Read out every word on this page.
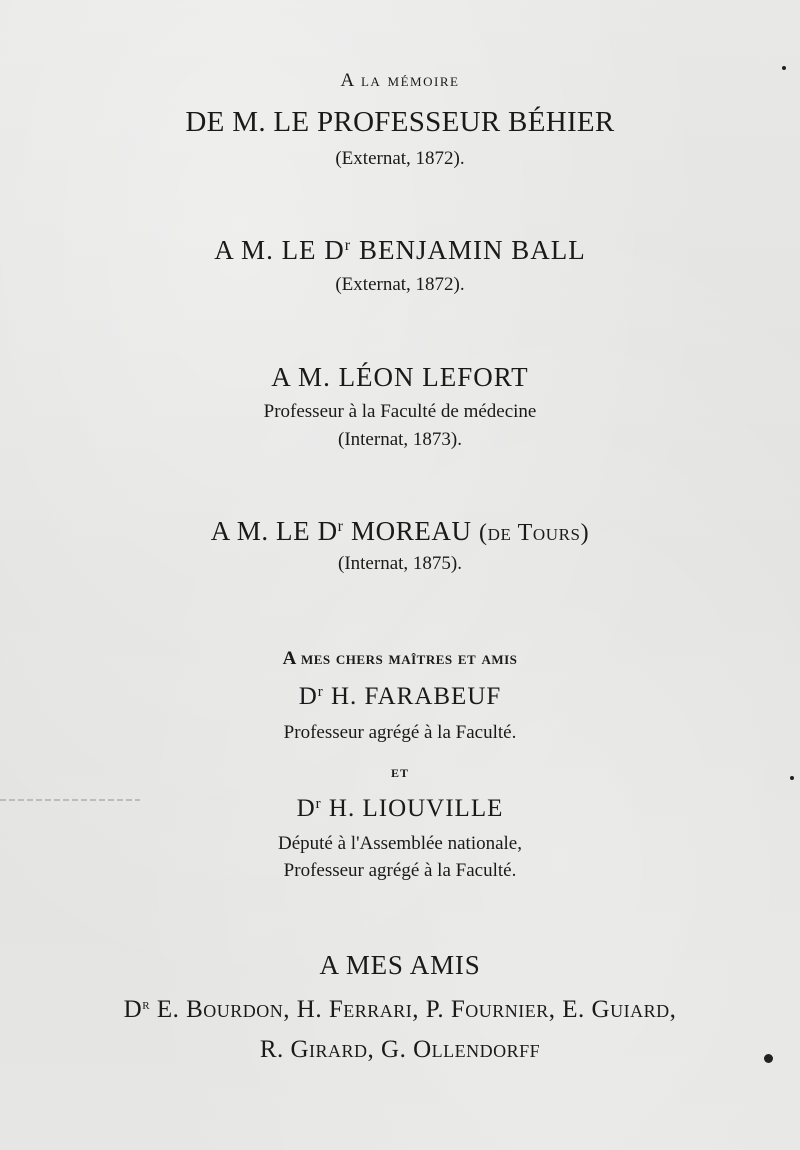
A la mémoire
DE M. LE PROFESSEUR BÉHIER
(Externat, 1872).
A M. LE $D^r$ BENJAMIN BALL
(Externat, 1872).
A M. LÉON LEFORT
Professeur à la Faculté de médecine
(Internat, 1873).
A M. LE $D^r$ MOREAU (de Tours)
(Internat, 1875).
A mes chers maîtres et amis
$D^r$ H. FARABEUF
Professeur agrégé à la Faculté.
et
$D^r$ H. LIOUVILLE
Député à l'Assemblée nationale,
Professeur agrégé à la Faculté.
A MES AMIS
$D^r$ E. Bourdon, H. Ferrari, P. Fournier, E. Guiard,
R. Girard, G. Ollendorff
